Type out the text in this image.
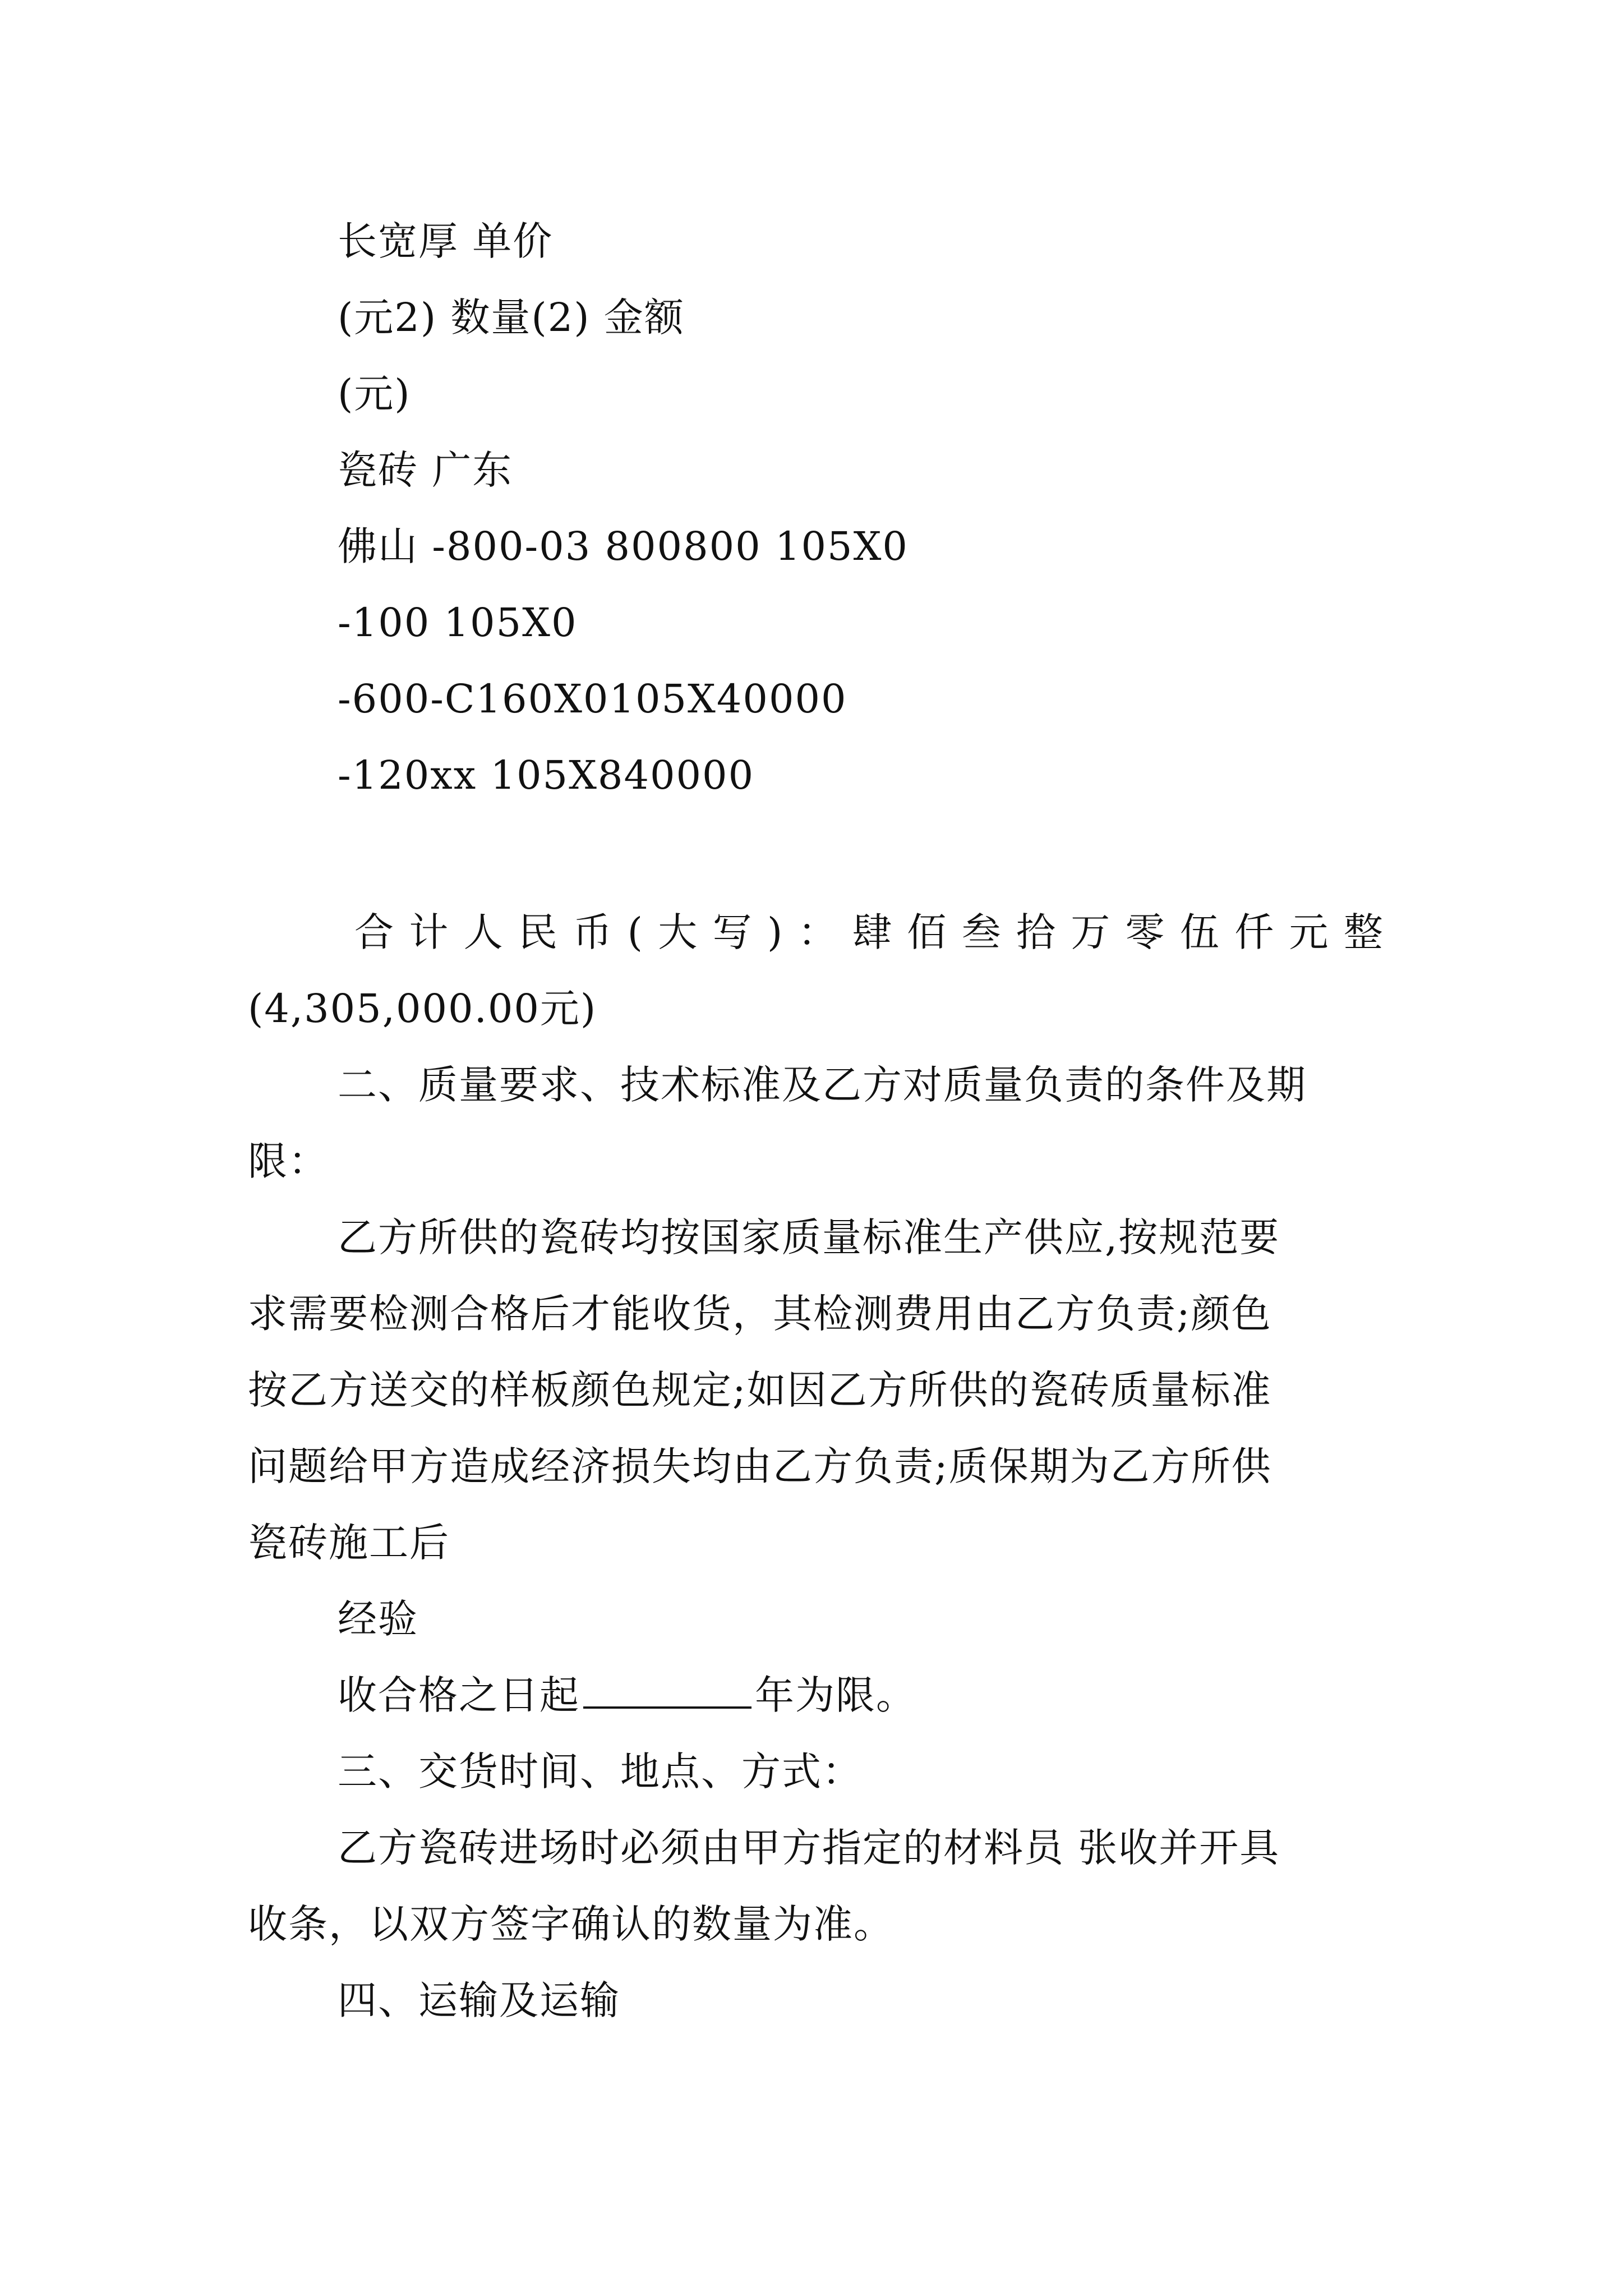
长宽厚 单价
(元2) 数量(2) 金额
(元)
瓷砖 广东
佛山 -800-03 800800 105X0
-100 105X0
-600-C160X0105X40000
-120xx 105X840000
合 计 人 民 币 ( 大 写 ) ： 肆 佰 叁 拾 万 零 伍 仟 元 整
(4,305,000.00元)
二、质量要求、技术标准及乙方对质量负责的条件及期
限：
乙方所供的瓷砖均按国家质量标准生产供应,按规范要
求需要检测合格后才能收货，其检测费用由乙方负责;颜色
按乙方送交的样板颜色规定;如因乙方所供的瓷砖质量标准
问题给甲方造成经济损失均由乙方负责;质保期为乙方所供
瓷砖施工后
经验
收合格之日起	年为限。
三、交货时间、地点、方式：
乙方瓷砖进场时必须由甲方指定的材料员 张收并开具
收条，以双方签字确认的数量为准。
四、运输及运输
